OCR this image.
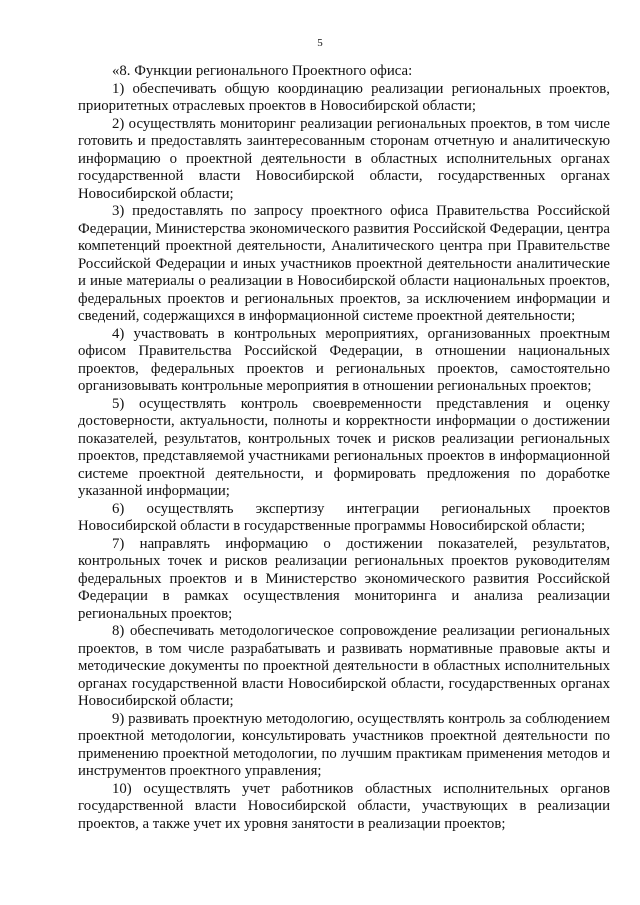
5

«8. Функции регионального Проектного офиса:

1) обеспечивать общую координацию реализации региональных проектов, приоритетных отраслевых проектов в Новосибирской области;

2) осуществлять мониторинг реализации региональных проектов, в том числе готовить и предоставлять заинтересованным сторонам отчетную и аналитическую информацию о проектной деятельности в областных исполнительных органах государственной власти Новосибирской области, государственных органах Новосибирской области;

3) предоставлять по запросу проектного офиса Правительства Российской Федерации, Министерства экономического развития Российской Федерации, центра компетенций проектной деятельности, Аналитического центра при Правительстве Российской Федерации и иных участников проектной деятельности аналитические и иные материалы о реализации в Новосибирской области национальных проектов, федеральных проектов и региональных проектов, за исключением информации и сведений, содержащихся в информационной системе проектной деятельности;

4) участвовать в контрольных мероприятиях, организованных проектным офисом Правительства Российской Федерации, в отношении национальных проектов, федеральных проектов и региональных проектов, самостоятельно организовывать контрольные мероприятия в отношении региональных проектов;

5) осуществлять контроль своевременности представления и оценку достоверности, актуальности, полноты и корректности информации о достижении показателей, результатов, контрольных точек и рисков реализации региональных проектов, представляемой участниками региональных проектов в информационной системе проектной деятельности, и формировать предложения по доработке указанной информации;

6) осуществлять экспертизу интеграции региональных проектов Новосибирской области в государственные программы Новосибирской области;

7) направлять информацию о достижении показателей, результатов, контрольных точек и рисков реализации региональных проектов руководителям федеральных проектов и в Министерство экономического развития Российской Федерации в рамках осуществления мониторинга и анализа реализации региональных проектов;

8) обеспечивать методологическое сопровождение реализации региональных проектов, в том числе разрабатывать и развивать нормативные правовые акты и методические документы по проектной деятельности в областных исполнительных органах государственной власти Новосибирской области, государственных органах Новосибирской области;

9) развивать проектную методологию, осуществлять контроль за соблюдением проектной методологии, консультировать участников проектной деятельности по применению проектной методологии, по лучшим практикам применения методов и инструментов проектного управления;

10) осуществлять учет работников областных исполнительных органов государственной власти Новосибирской области, участвующих в реализации проектов, а также учет их уровня занятости в реализации проектов;
